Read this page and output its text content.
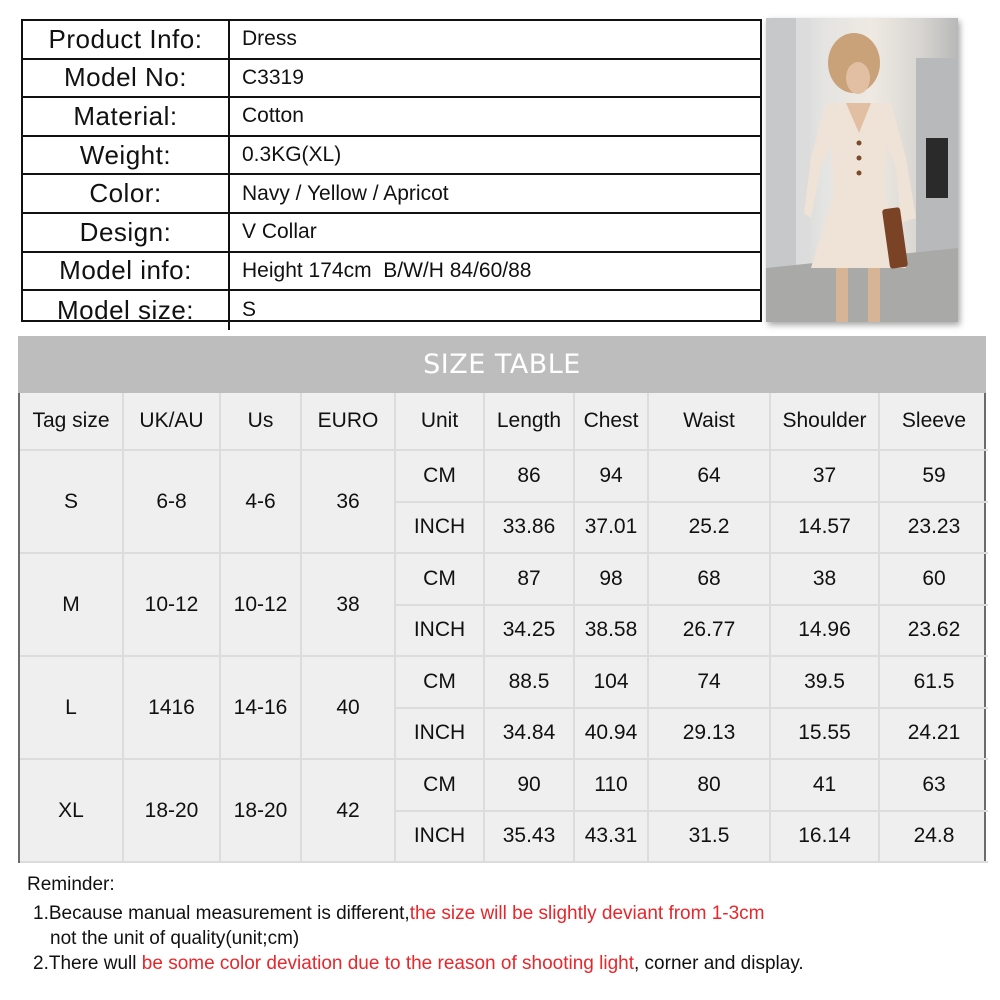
Product Info:	Dress
Model No:	C3319
Material:	Cotton
Weight:	0.3KG(XL)
Color:	Navy / Yellow / Apricot
Design:	V Collar
Model info:	Height 174cm  B/W/H 84/60/88
Model size:	S
SIZE TABLE
Tag size	UK/AU	Us	EURO	Unit	Length	Chest	Waist	Shoulder	Sleeve
S	6-8	4-6	36
CM	86	94	64	37	59
INCH	33.86	37.01	25.2	14.57	23.23
M	10-12	10-12	38
CM	87	98	68	38	60
INCH	34.25	38.58	26.77	14.96	23.62
L	1416	14-16	40
CM	88.5	104	74	39.5	61.5
INCH	34.84	40.94	29.13	15.55	24.21
XL	18-20	18-20	42
CM	90	110	80	41	63
INCH	35.43	43.31	31.5	16.14	24.8
Reminder:
1.Because manual measurement is different,the size will be slightly deviant from 1-3cm
not the unit of quality(unit;cm)
2.There wull be some color deviation due to the reason of shooting light, corner and display.
